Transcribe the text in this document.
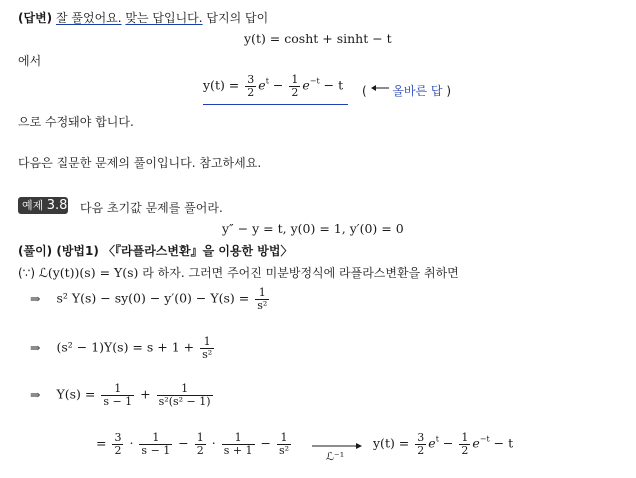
(답변) 잘 풀었어요. 맞는 답입니다. 답지의 답이
y(t) = cosht + sinht − t
에서
$y(t) = \frac{3}{2} e^t - \frac{1}{2} e^{-t} - t$ ( 올바른 답 )
으로 수정돼야 합니다.
다음은 질문한 문제의 풀이입니다. 참고하세요.
예제 3.8 다음 초기값 문제를 풀어라.
y″ − y = t, y(0) = 1, y′(0) = 0
(풀이) (방법1) 〈『라플라스변환』을 이용한 방법〉
(∵) ℒ(y(t))(s) = Y(s) 라 하자. 그러면 주어진 미분방정식에 라플라스변환을 취하면
⇒ s² $Y(s) - sy(0) - y'(0) - Y(s) = \frac{1}{\text{s²}}$
⇒ $(s^2 - 1)Y(s) = s + 1 + \frac{1}{\text{s²}}$
⇒ $Y(s) = \frac{1}{s - 1} + \frac{1}{\text{s²(s² − 1)}}$
= $\frac{3}{2} \cdot \frac{1}{s - 1} - \frac{1}{2} \cdot \frac{1}{s + 1} - \frac{1}{\text{s²}}$
ℒ⁻¹
$y(t) = \frac{3}{2} e^t - \frac{1}{2} e^{-t} - t$
